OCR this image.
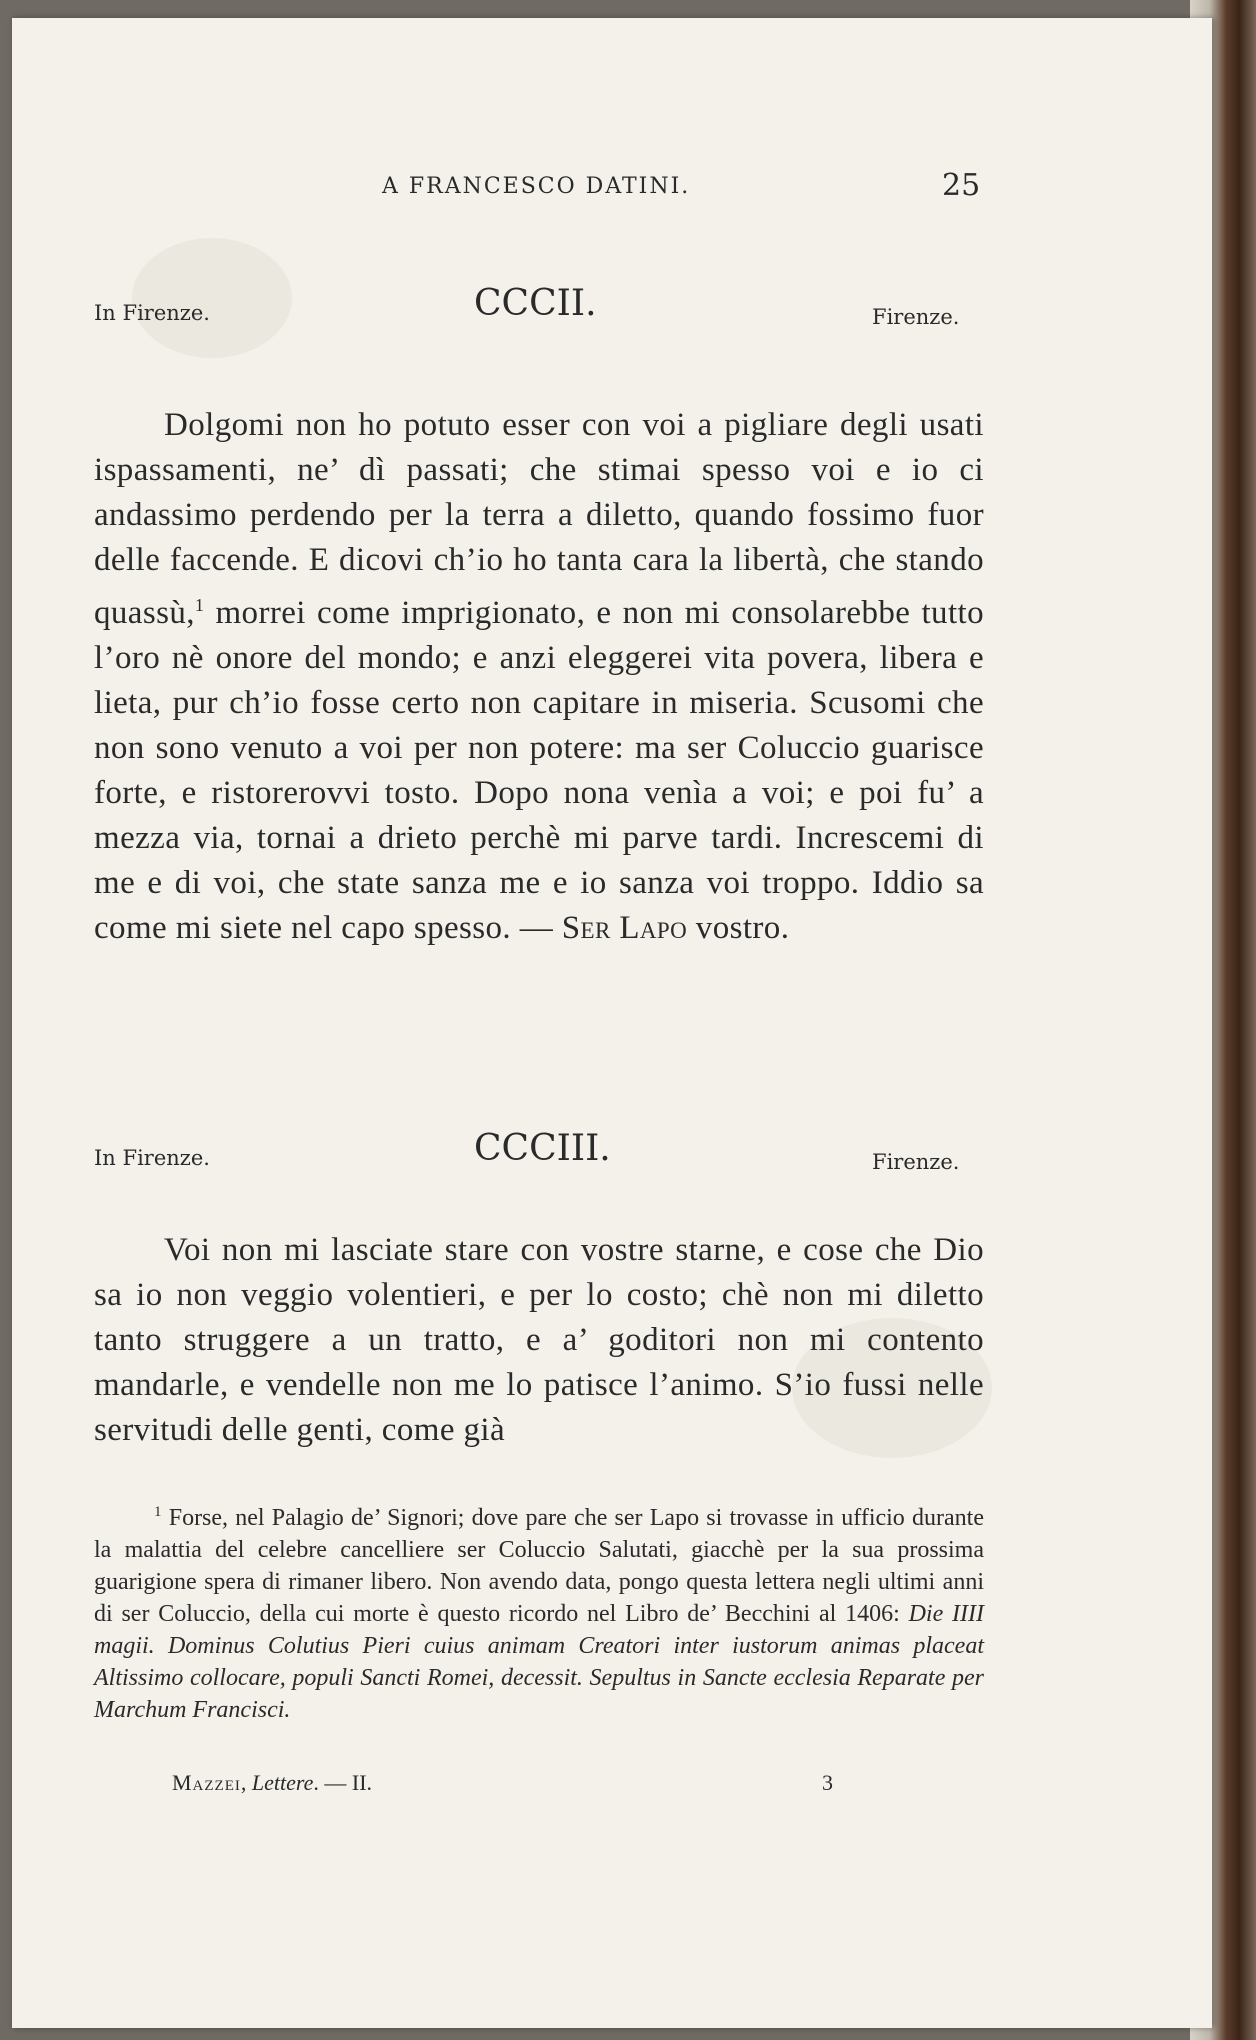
A FRANCESCO DATINI.	25
In Firenze.	CCCII.	Firenze.

Dolgomi non ho potuto esser con voi a pigliare degli usati ispassamenti, ne’ dì passati; che stimai spesso voi e io ci andassimo perdendo per la terra a diletto, quando fossimo fuor delle faccende. E dicovi ch’io ho tanta cara la libertà, che stando quassù,$^1$ morrei come imprigionato, e non mi consolarebbe tutto l’oro nè onore del mondo; e anzi eleggerei vita povera, libera e lieta, pur ch’io fosse certo non capitare in miseria. Scusomi che non sono venuto a voi per non potere: ma ser Coluccio guarisce forte, e ristorerovvi tosto. Dopo nona venìa a voi; e poi fu’ a mezza via, tornai a drieto perchè mi parve tardi. Increscemi di me e di voi, che state sanza me e io sanza voi troppo. Iddio sa come mi siete nel capo spesso. — Ser Lapo vostro.

In Firenze.	CCCIII.	Firenze.

Voi non mi lasciate stare con vostre starne, e cose che Dio sa io non veggio volentieri, e per lo costo; chè non mi diletto tanto struggere a un tratto, e a’ goditori non mi contento mandarle, e vendelle non me lo patisce l’animo. S’io fussi nelle servitudi delle genti, come già

$^1$ Forse, nel Palagio de’ Signori; dove pare che ser Lapo si trovasse in ufficio durante la malattia del celebre cancelliere ser Coluccio Salutati, giacchè per la sua prossima guarigione spera di rimaner libero. Non avendo data, pongo questa lettera negli ultimi anni di ser Coluccio, della cui morte è questo ricordo nel Libro de’ Becchini al 1406: Die IIII magii. Dominus Colutius Pieri cuius animam Creatori inter iustorum animas placeat Altissimo collocare, populi Sancti Romei, decessit. Sepultus in Sancte ecclesia Reparate per Marchum Francisci.

Mazzei, Lettere. — II.	3
